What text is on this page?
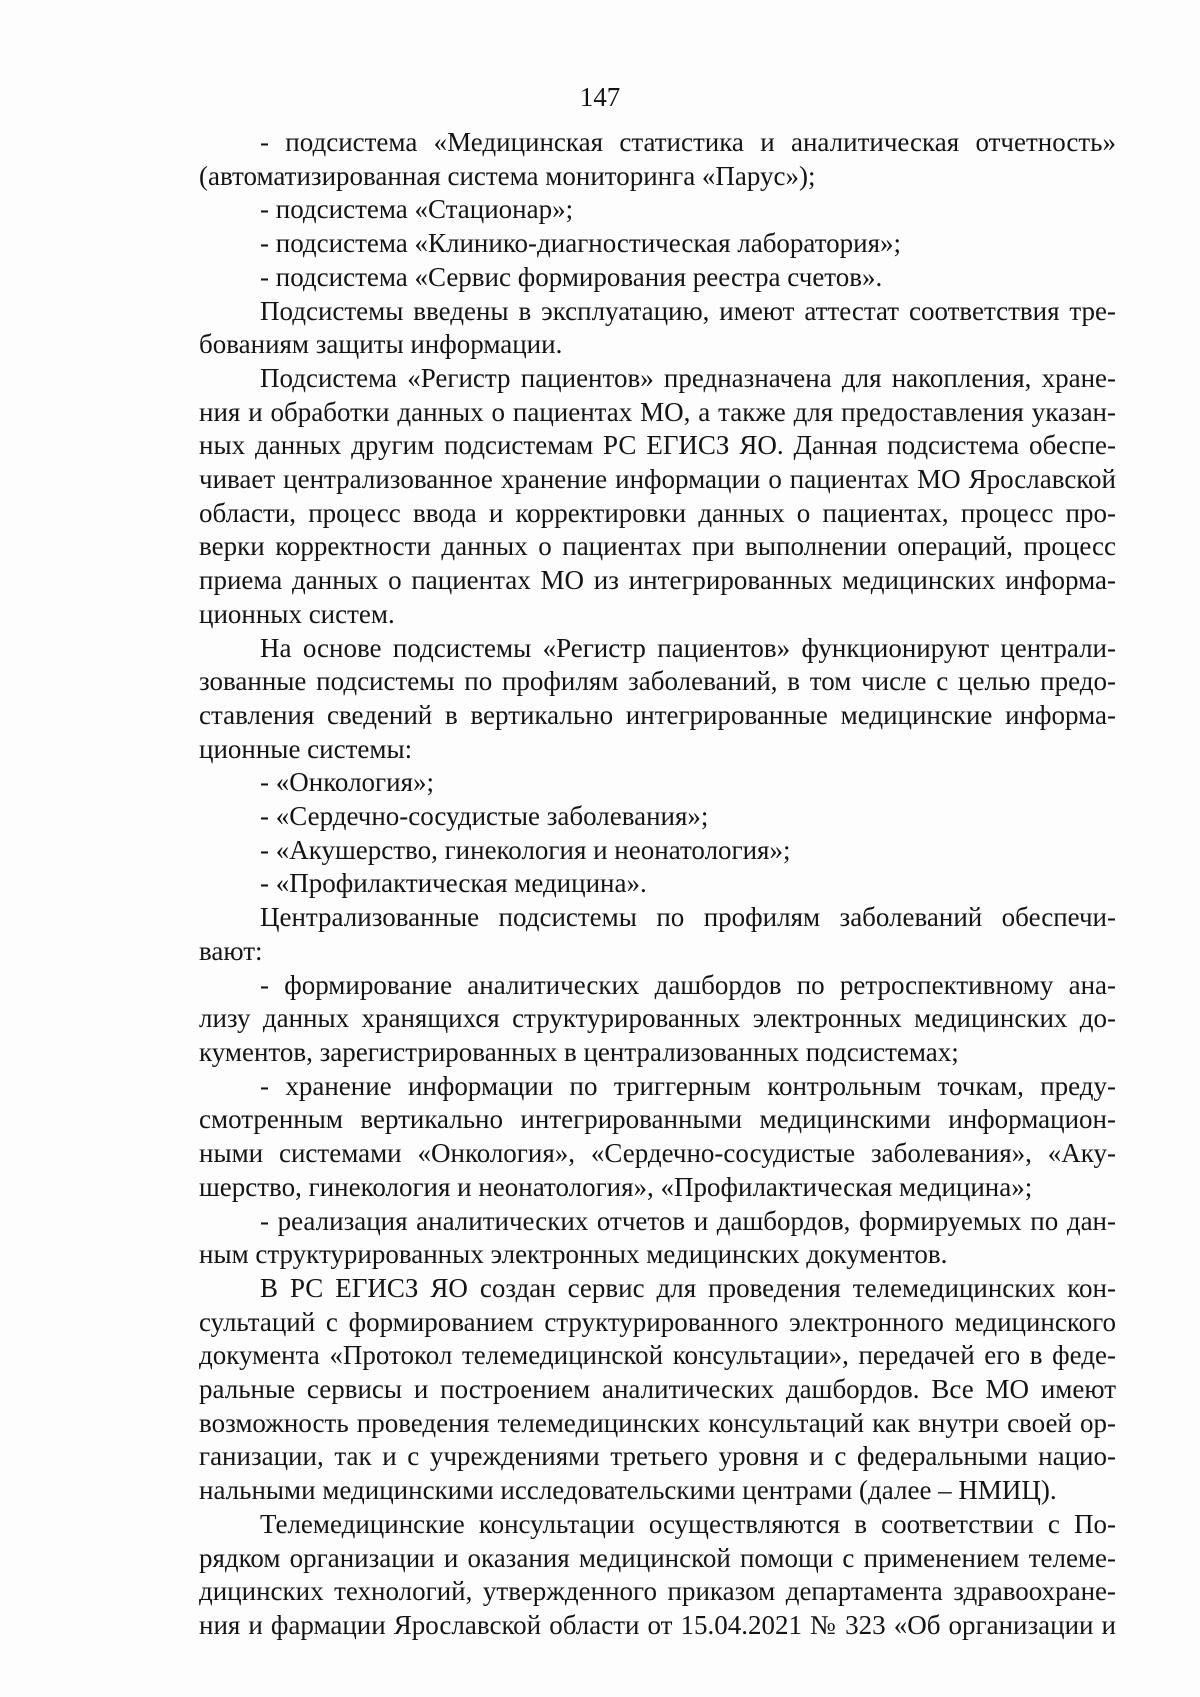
147
- подсистема «Медицинская статистика и аналитическая отчетность»
(автоматизированная система мониторинга «Парус»);
- подсистема «Стационар»;
- подсистема «Клинико-диагностическая лаборатория»;
- подсистема «Сервис формирования реестра счетов».
Подсистемы введены в эксплуатацию, имеют аттестат соответствия тре-
бованиям защиты информации.
Подсистема «Регистр пациентов» предназначена для накопления, хране-
ния и обработки данных о пациентах МО, а также для предоставления указан-
ных данных другим подсистемам РС ЕГИСЗ ЯО. Данная подсистема обеспе-
чивает централизованное хранение информации о пациентах МО Ярославской
области, процесс ввода и корректировки данных о пациентах, процесс про-
верки корректности данных о пациентах при выполнении операций, процесс
приема данных о пациентах МО из интегрированных медицинских информа-
ционных систем.
На основе подсистемы «Регистр пациентов» функционируют централи-
зованные подсистемы по профилям заболеваний, в том числе с целью предо-
ставления сведений в вертикально интегрированные медицинские информа-
ционные системы:
- «Онкология»;
- «Сердечно-сосудистые заболевания»;
- «Акушерство, гинекология и неонатология»;
- «Профилактическая медицина».
Централизованные подсистемы по профилям заболеваний обеспечи-
вают:
- формирование аналитических дашбордов по ретроспективному ана-
лизу данных хранящихся структурированных электронных медицинских до-
кументов, зарегистрированных в централизованных подсистемах;
- хранение информации по триггерным контрольным точкам, преду-
смотренным вертикально интегрированными медицинскими информацион-
ными системами «Онкология», «Сердечно-сосудистые заболевания», «Аку-
шерство, гинекология и неонатология», «Профилактическая медицина»;
- реализация аналитических отчетов и дашбордов, формируемых по дан-
ным структурированных электронных медицинских документов.
В РС ЕГИСЗ ЯО создан сервис для проведения телемедицинских кон-
сультаций с формированием структурированного электронного медицинского
документа «Протокол телемедицинской консультации», передачей его в феде-
ральные сервисы и построением аналитических дашбордов. Все МО имеют
возможность проведения телемедицинских консультаций как внутри своей ор-
ганизации, так и с учреждениями третьего уровня и с федеральными нацио-
нальными медицинскими исследовательскими центрами (далее – НМИЦ).
Телемедицинские консультации осуществляются в соответствии с По-
рядком организации и оказания медицинской помощи с применением телеме-
дицинских технологий, утвержденного приказом департамента здравоохране-
ния и фармации Ярославской области от 15.04.2021 № 323 «Об организации и
